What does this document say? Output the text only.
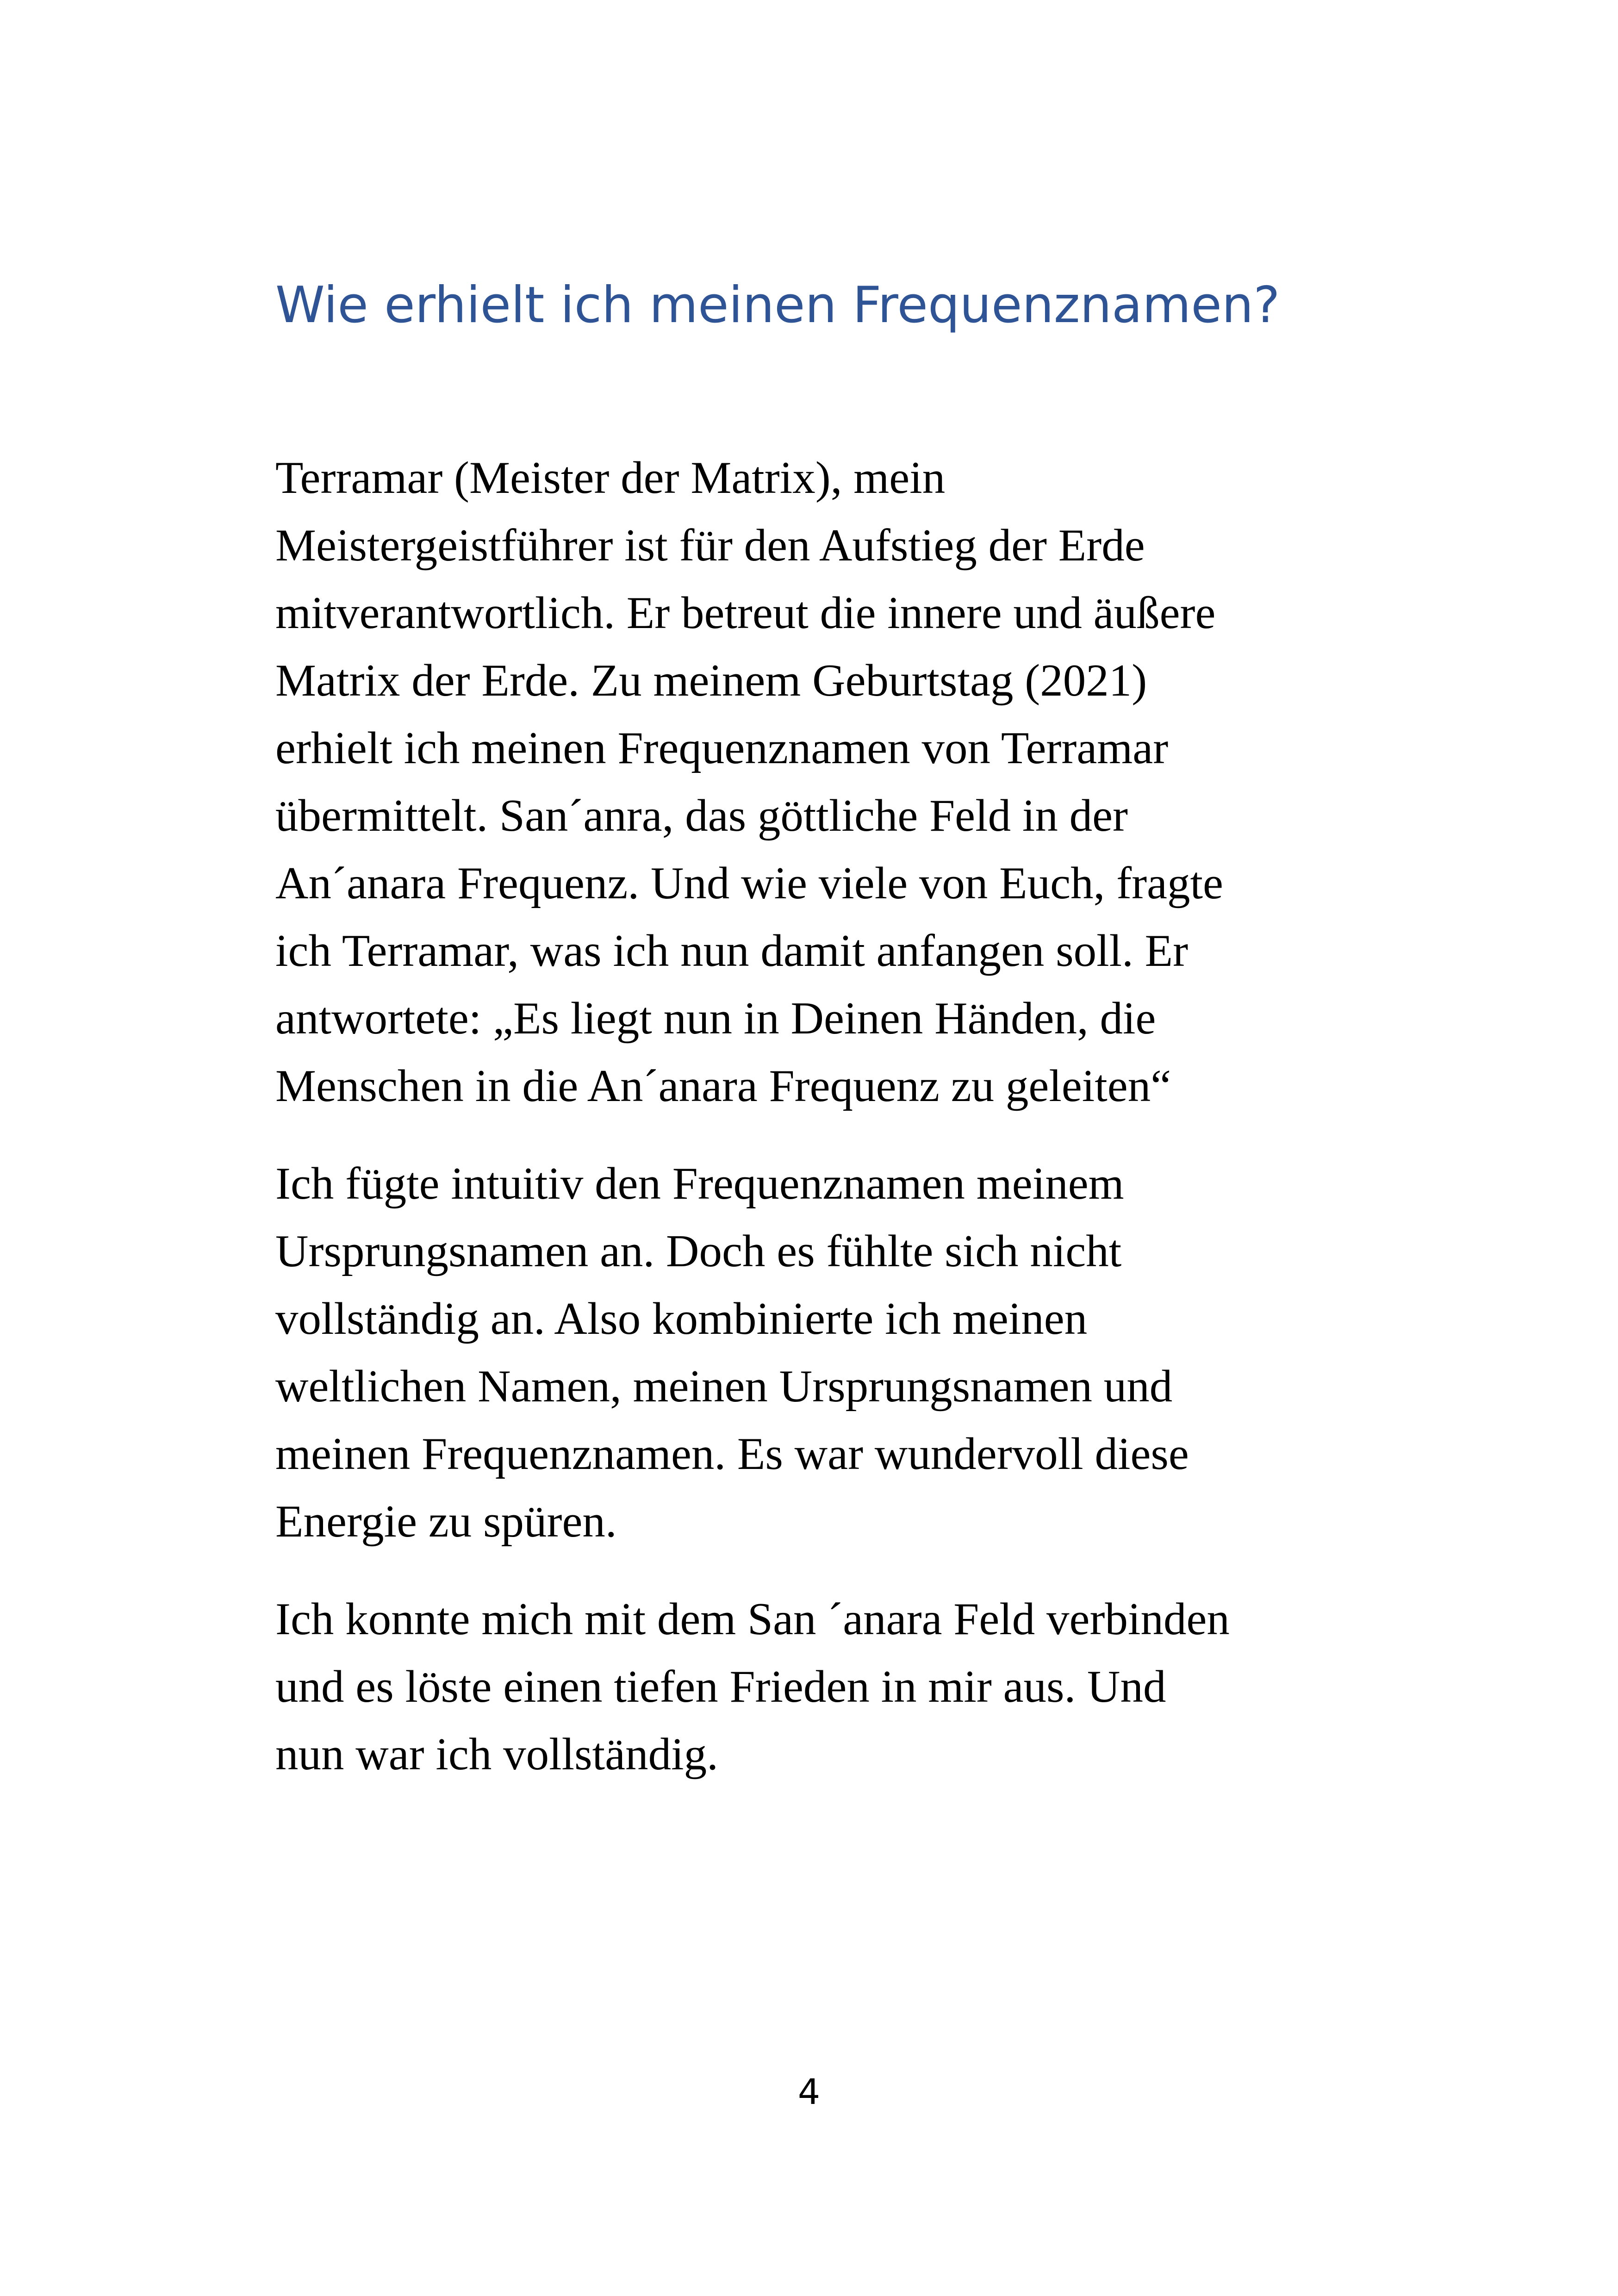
Wie erhielt ich meinen Frequenznamen?

Terramar (Meister der Matrix), mein
Meistergeistführer ist für den Aufstieg der Erde
mitverantwortlich. Er betreut die innere und äußere
Matrix der Erde. Zu meinem Geburtstag (2021)
erhielt ich meinen Frequenznamen von Terramar
übermittelt. San´anra, das göttliche Feld in der
An´anara Frequenz. Und wie viele von Euch, fragte
ich Terramar, was ich nun damit anfangen soll. Er
antwortete: „Es liegt nun in Deinen Händen, die
Menschen in die An´anara Frequenz zu geleiten“

Ich fügte intuitiv den Frequenznamen meinem
Ursprungsnamen an. Doch es fühlte sich nicht
vollständig an. Also kombinierte ich meinen
weltlichen Namen, meinen Ursprungsnamen und
meinen Frequenznamen. Es war wundervoll diese
Energie zu spüren.

Ich konnte mich mit dem San ´anara Feld verbinden
und es löste einen tiefen Frieden in mir aus. Und
nun war ich vollständig.

4
